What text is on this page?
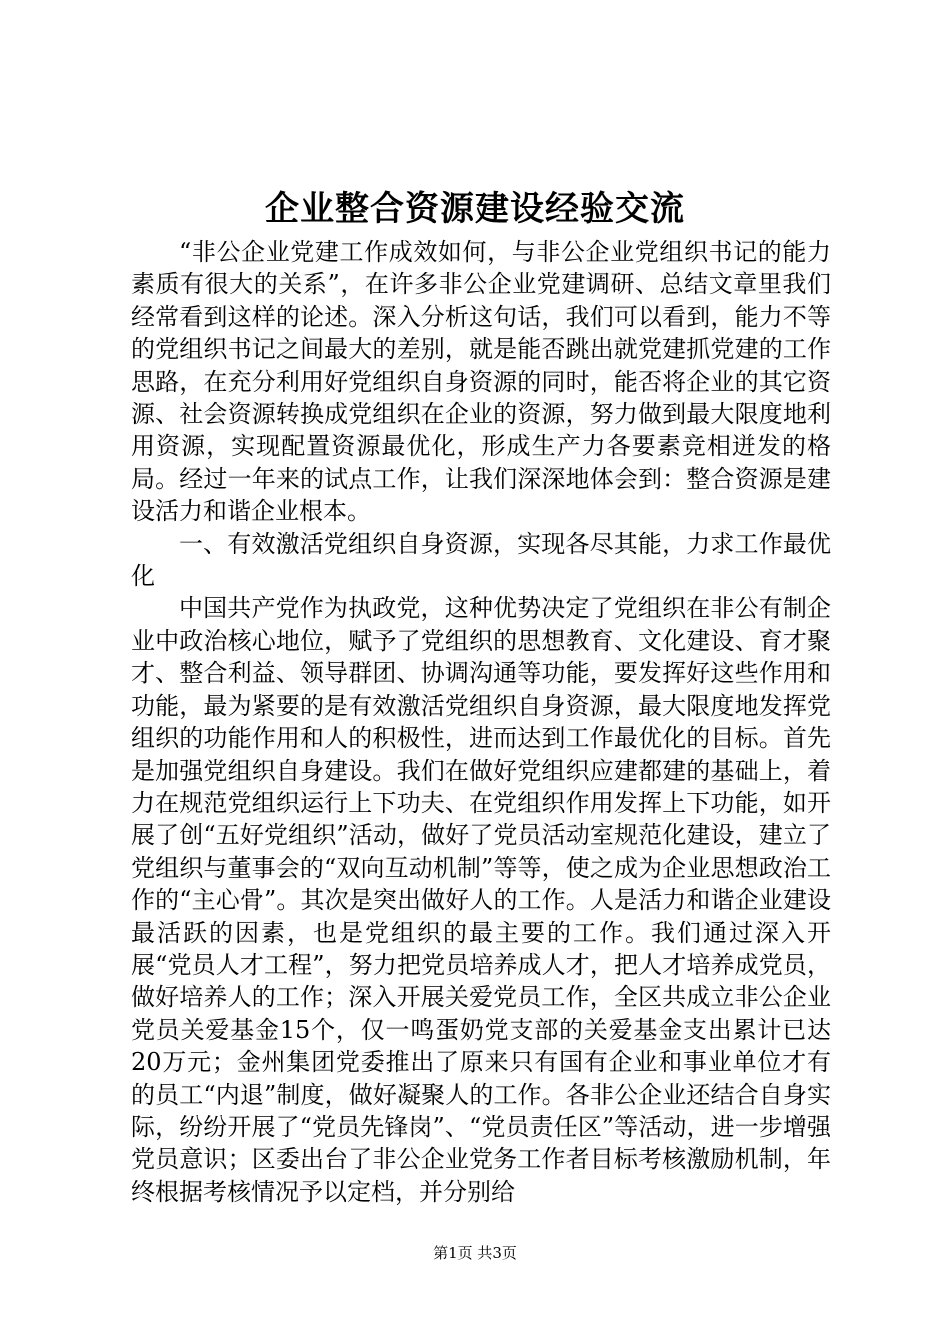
企业整合资源建设经验交流

“非公企业党建工作成效如何，与非公企业党组织书记的能力素质有很大的关系”，在许多非公企业党建调研、总结文章里我们经常看到这样的论述。深入分析这句话，我们可以看到，能力不等的党组织书记之间最大的差别，就是能否跳出就党建抓党建的工作思路，在充分利用好党组织自身资源的同时，能否将企业的其它资源、社会资源转换成党组织在企业的资源，努力做到最大限度地利用资源，实现配置资源最优化，形成生产力各要素竞相迸发的格局。经过一年来的试点工作，让我们深深地体会到：整合资源是建设活力和谐企业根本。

一、有效激活党组织自身资源，实现各尽其能，力求工作最优化

中国共产党作为执政党，这种优势决定了党组织在非公有制企业中政治核心地位，赋予了党组织的思想教育、文化建设、育才聚才、整合利益、领导群团、协调沟通等功能，要发挥好这些作用和功能，最为紧要的是有效激活党组织自身资源，最大限度地发挥党组织的功能作用和人的积极性，进而达到工作最优化的目标。首先是加强党组织自身建设。我们在做好党组织应建都建的基础上，着力在规范党组织运行上下功夫、在党组织作用发挥上下功能，如开展了创“五好党组织”活动，做好了党员活动室规范化建设，建立了党组织与董事会的“双向互动机制”等等，使之成为企业思想政治工作的“主心骨”。其次是突出做好人的工作。人是活力和谐企业建设最活跃的因素，也是党组织的最主要的工作。我们通过深入开展“党员人才工程”，努力把党员培养成人才，把人才培养成党员，做好培养人的工作；深入开展关爱党员工作，全区共成立非公企业党员关爱基金15个，仅一鸣蛋奶党支部的关爱基金支出累计已达20万元；金州集团党委推出了原来只有国有企业和事业单位才有的员工“内退”制度，做好凝聚人的工作。各非公企业还结合自身实际，纷纷开展了“党员先锋岗”、“党员责任区”等活动，进一步增强党员意识；区委出台了非公企业党务工作者目标考核激励机制，年终根据考核情况予以定档，并分别给

第1页 共3页
